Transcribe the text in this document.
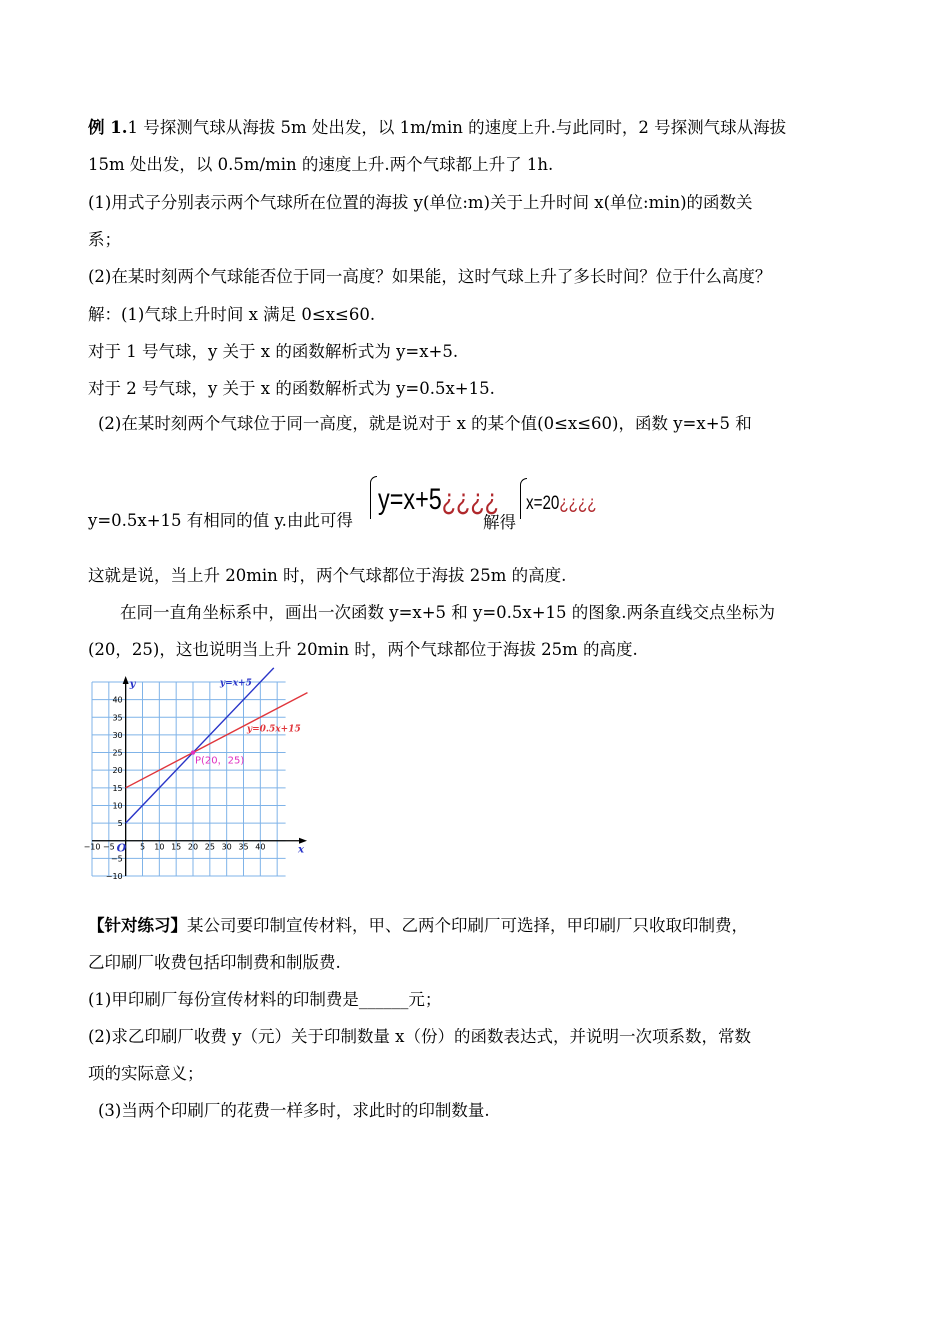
例 1.1 号探测气球从海拔 5m 处出发，以 1m/min 的速度上升.与此同时，2 号探测气球从海拔
15m 处出发，以 0.5m/min 的速度上升.两个气球都上升了 1h.
(1)用式子分别表示两个气球所在位置的海拔 y(单位:m)关于上升时间 x(单位:min)的函数关
系；
(2)在某时刻两个气球能否位于同一高度？如果能，这时气球上升了多长时间？位于什么高度？
解：(1)气球上升时间 x 满足 0≤x≤60.
对于 1 号气球，y 关于 x 的函数解析式为 y=x+5.
对于 2 号气球，y 关于 x 的函数解析式为 y=0.5x+15.
(2)在某时刻两个气球位于同一高度，就是说对于 x 的某个值(0≤x≤60)，函数 y=x+5 和
y=0.5x+15 有相同的值 y.由此可得
y=x+5¿¿¿¿
解得
x=20¿¿¿¿
这就是说，当上升 20min 时，两个气球都位于海拔 25m 的高度.
在同一直角坐标系中，画出一次函数 y=x+5 和 y=0.5x+15 的图象.两条直线交点坐标为
(20，25)，这也说明当上升 20min 时，两个气球都位于海拔 25m 的高度.
x
y
O
−10 −5	5 10 15 20 25 30 35 40
40
35
30
25
20
15
10
5
−5
−10
y=x+5
y=0.5x+15
P(20，25)
【针对练习】某公司要印制宣传材料，甲、乙两个印刷厂可选择，甲印刷厂只收取印制费，
乙印刷厂收费包括印制费和制版费.
(1)甲印刷厂每份宣传材料的印制费是______元；
(2)求乙印刷厂收费 y（元）关于印制数量 x（份）的函数表达式，并说明一次项系数，常数
项的实际意义；
(3)当两个印刷厂的花费一样多时，求此时的印制数量.
